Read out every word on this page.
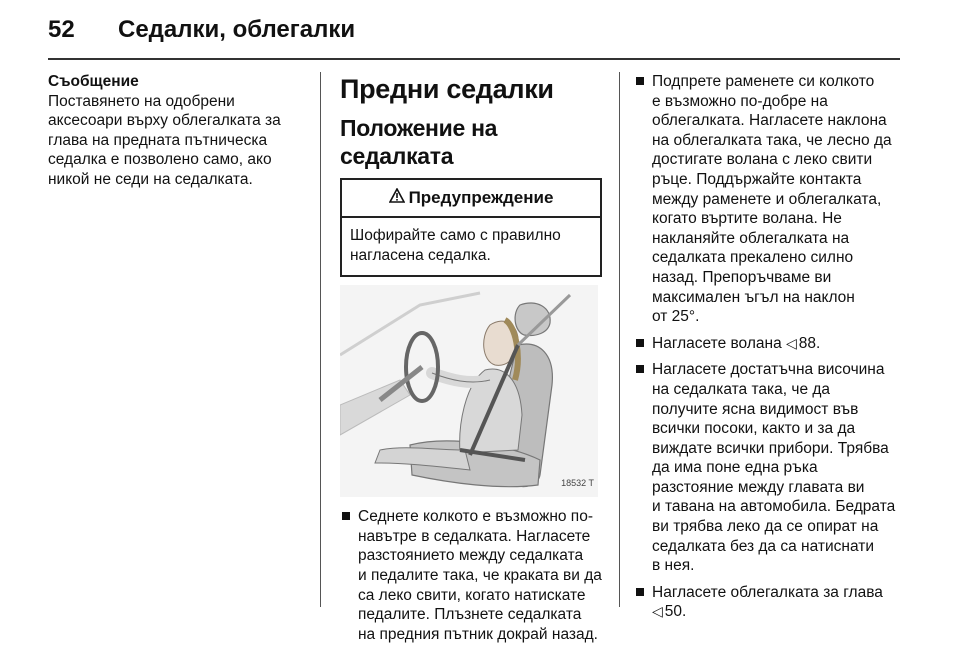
52 Седалки, облегалки
Съобщение
Поставянето на одобрени
аксесоари върху облегалката за
глава на предната пътническа
седалка е позволено само, ако
никой не седи на седалката.
Предни седалки
Положение на седалката
Предупреждение
Шофирайте само с правилно
нагласена седалка.
18532 T
Седнете колкото е възможно по-
навътре в седалката. Нагласете
разстоянието между седалката
и педалите така, че краката ви да
са леко свити, когато натискате
педалите. Плъзнете седалката
на предния пътник докрай назад.
Подпрете раменете си колкото
е възможно по-добре на
облегалката. Нагласете наклона
на облегалката така, че лесно да
достигате волана с леко свити
ръце. Поддържайте контакта
между раменете и облегалката,
когато въртите волана. Не
накланяйте облегалката на
седалката прекалено силно
назад. Препоръчваме ви
максимален ъгъл на наклон
от 25°.
Нагласете волана ◁ 88.
Нагласете достатъчна височина
на седалката така, че да
получите ясна видимост във
всички посоки, както и за да
виждате всички прибори. Трябва
да има поне една ръка
разстояние между главата ви
и тавана на автомобила. Бедрата
ви трябва леко да се опират на
седалката без да са натиснати
в нея.
Нагласете облегалката за глава
◁ 50.
